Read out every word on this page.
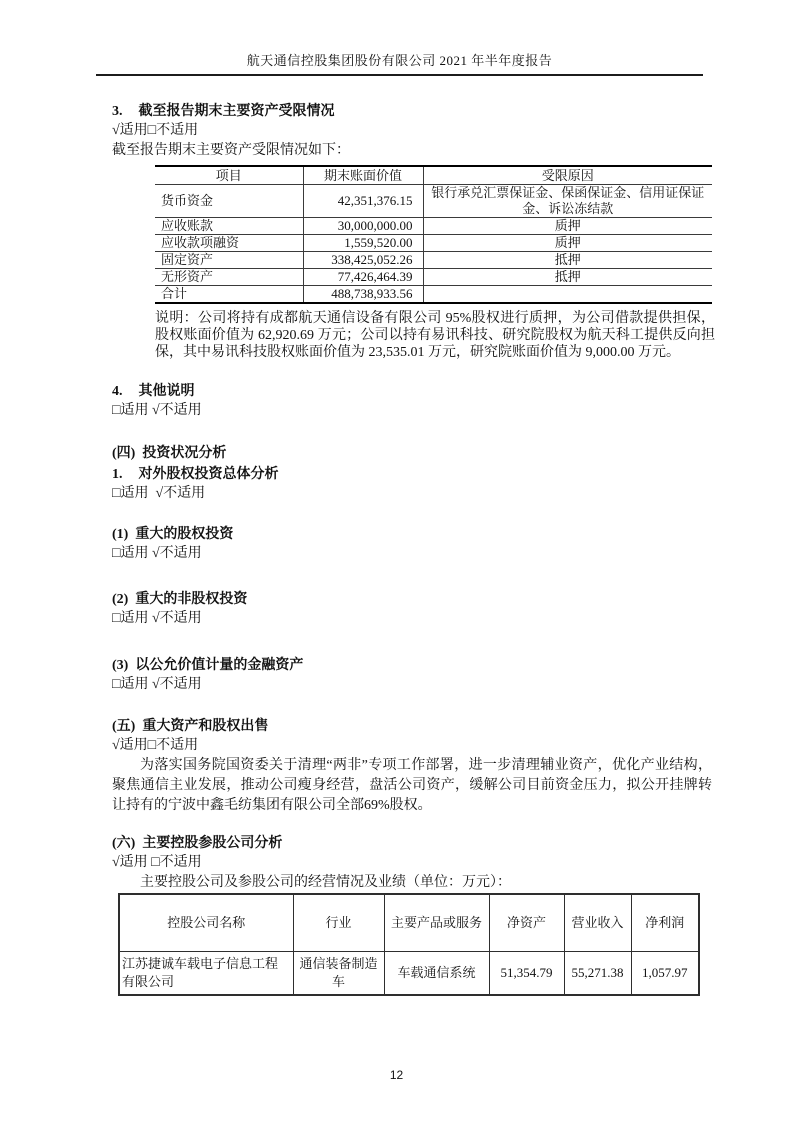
航天通信控股集团股份有限公司 2021 年半年度报告
3. 截至报告期末主要资产受限情况
√适用□不适用
截至报告期末主要资产受限情况如下：
项目	期末账面价值	受限原因
货币资金	42,351,376.15	银行承兑汇票保证金、保函保证金、信用证保证金、诉讼冻结款
应收账款	30,000,000.00	质押
应收款项融资	1,559,520.00	质押
固定资产	338,425,052.26	抵押
无形资产	77,426,464.39	抵押
合计	488,738,933.56	
说明：公司将持有成都航天通信设备有限公司 95%股权进行质押，为公司借款提供担保，股权账面价值为 62,920.69 万元；公司以持有易讯科技、研究院股权为航天科工提供反向担保，其中易讯科技股权账面价值为 23,535.01 万元，研究院账面价值为 9,000.00 万元。
4. 其他说明
□适用 √不适用
(四) 投资状况分析
1. 对外股权投资总体分析
□适用  √不适用
(1) 重大的股权投资
□适用 √不适用
(2) 重大的非股权投资
□适用 √不适用
(3) 以公允价值计量的金融资产
□适用 √不适用
(五) 重大资产和股权出售
√适用□不适用
为落实国务院国资委关于清理“两非”专项工作部署，进一步清理辅业资产，优化产业结构，聚焦通信主业发展，推动公司瘦身经营，盘活公司资产，缓解公司目前资金压力，拟公开挂牌转让持有的宁波中鑫毛纺集团有限公司全部69%股权。
(六) 主要控股参股公司分析
√适用 □不适用
主要控股公司及参股公司的经营情况及业绩（单位：万元）：
控股公司名称	行业	主要产品或服务	净资产	营业收入	净利润
江苏捷诚车载电子信息工程有限公司	通信装备制造车	车载通信系统	51,354.79	55,271.38	1,057.97
12
